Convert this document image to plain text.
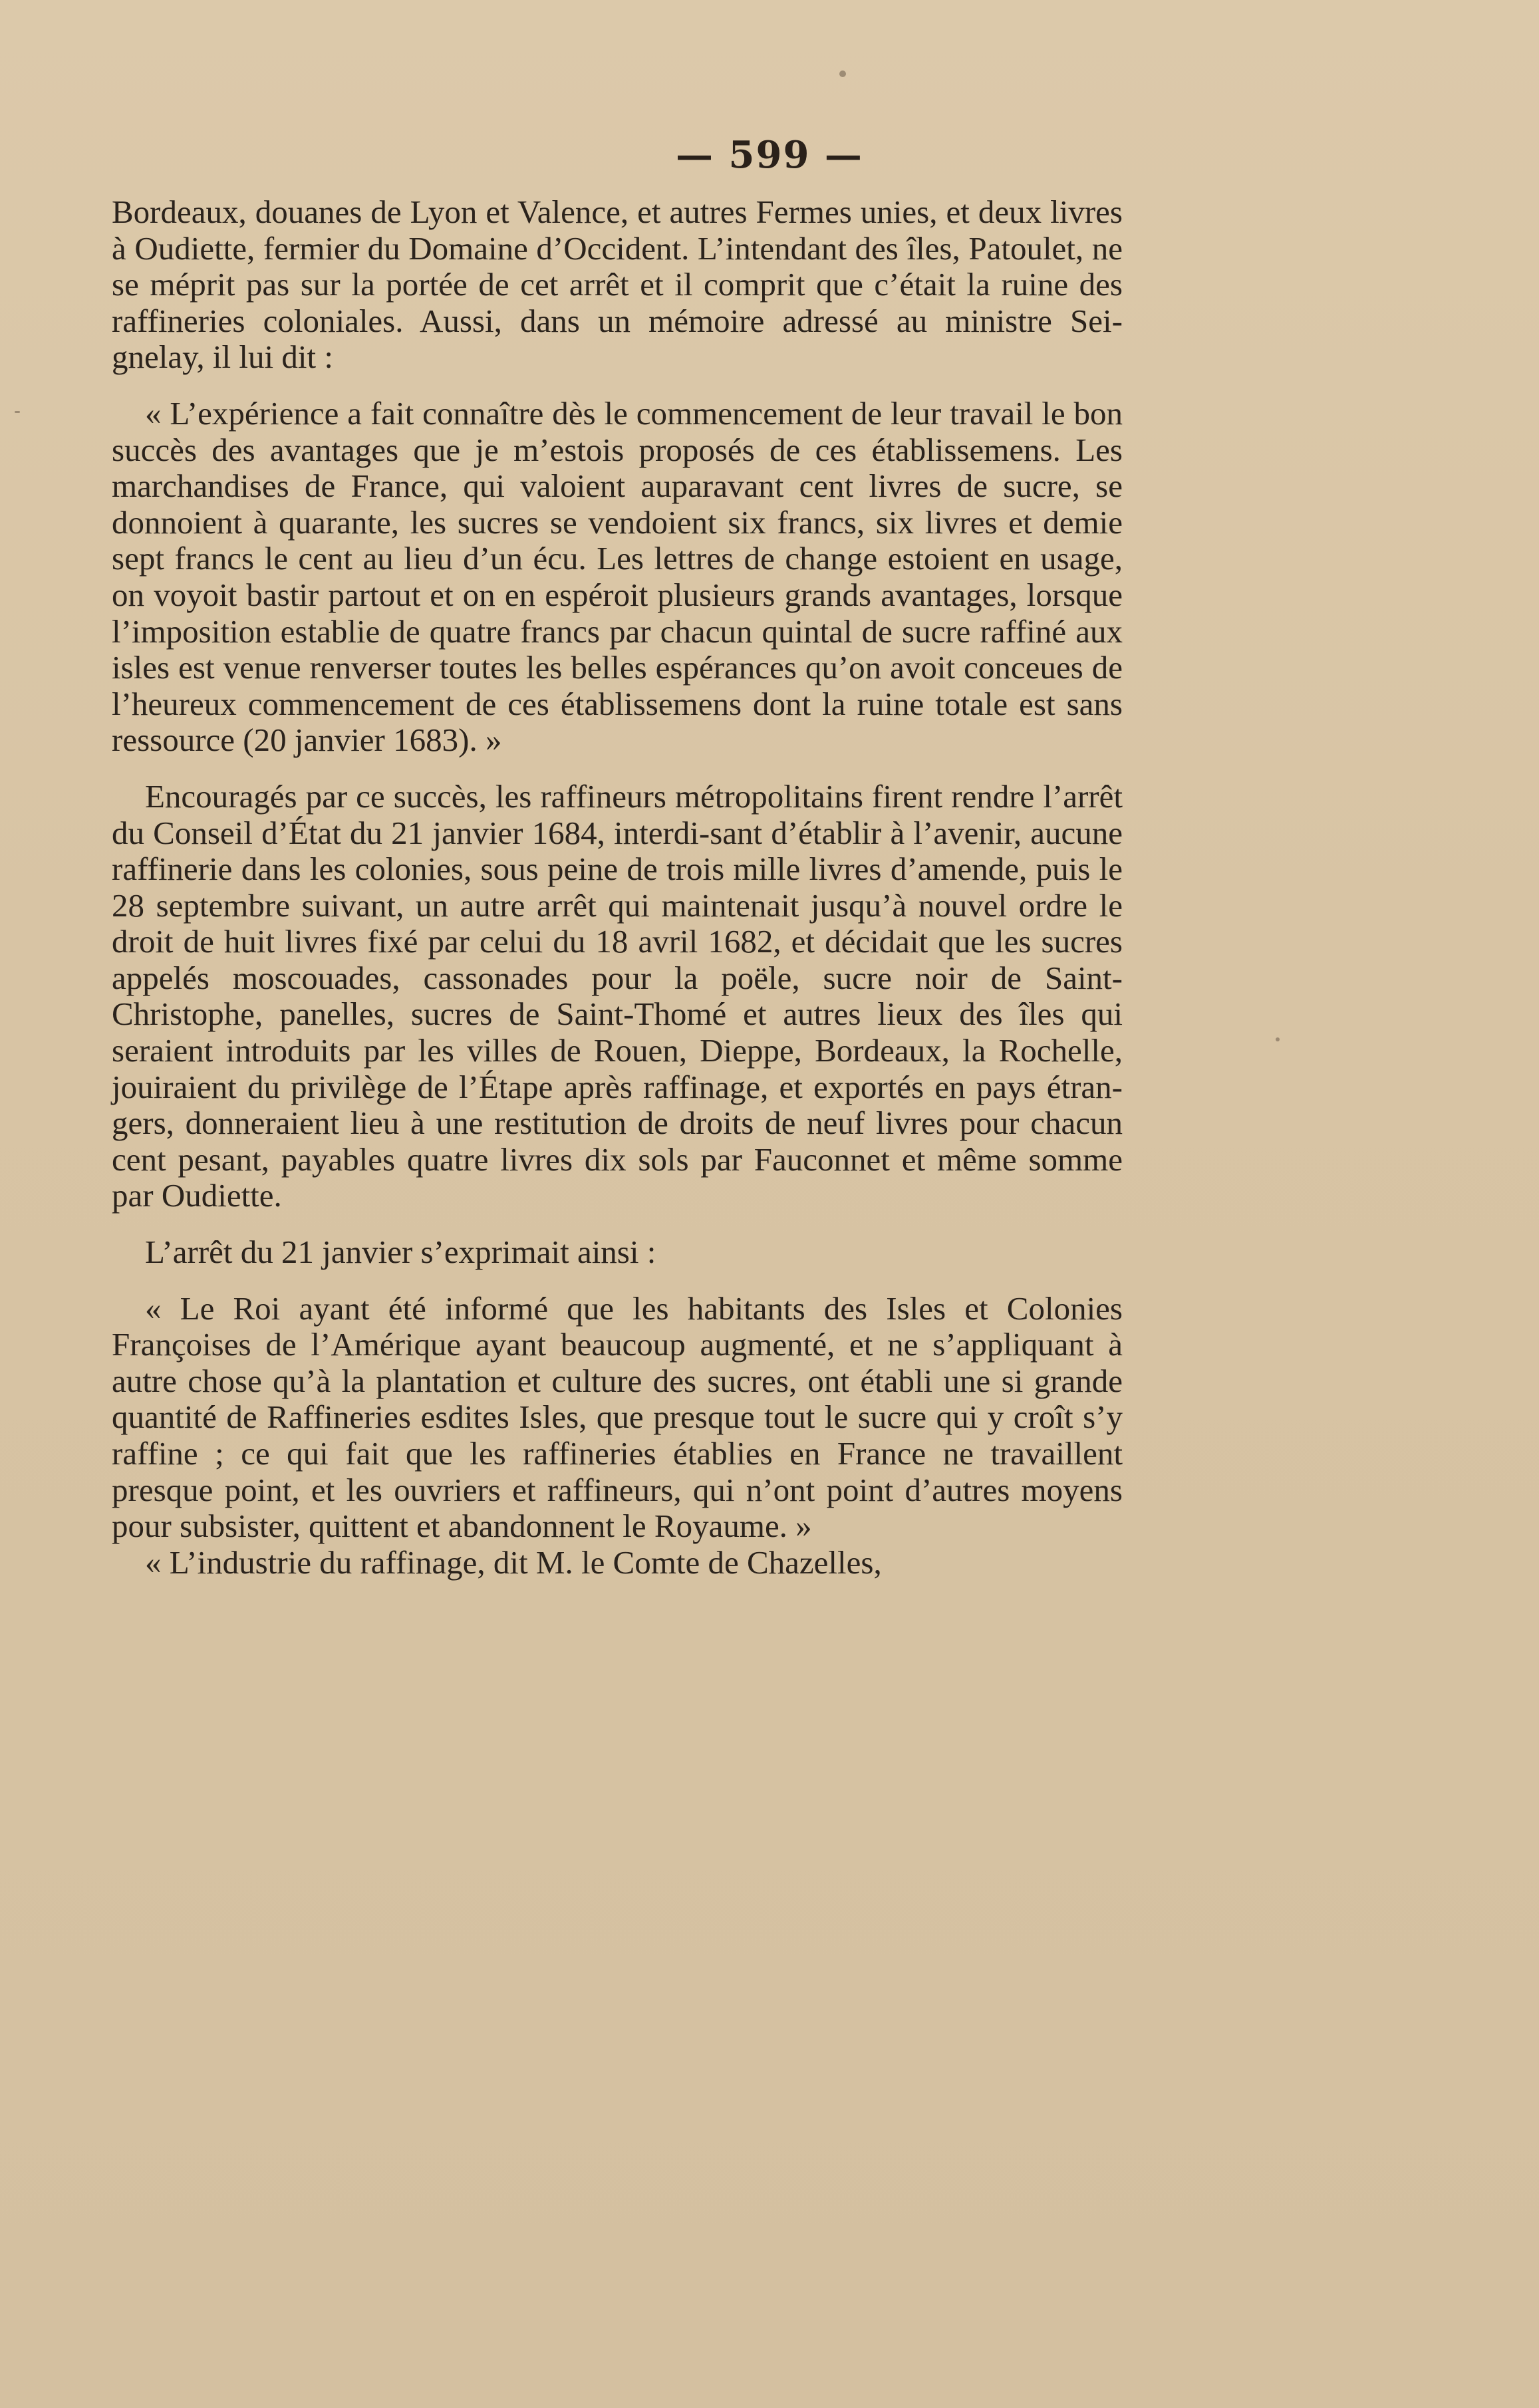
— 599 —

Bordeaux, douanes de Lyon et Valence, et autres Fermes unies, et deux livres à Oudiette, fermier du Domaine d’Occident. L’intendant des îles, Patoulet, ne se méprit pas sur la portée de cet arrêt et il comprit que c’était la ruine des raffineries coloniales. Aussi, dans un mémoire adressé au ministre Sei-gnelay, il lui dit :

« L’expérience a fait connaître dès le commencement de leur travail le bon succès des avantages que je m’estois proposés de ces établissemens. Les marchandises de France, qui valoient auparavant cent livres de sucre, se donnoient à quarante, les sucres se vendoient six francs, six livres et demie sept francs le cent au lieu d’un écu. Les lettres de change estoient en usage, on voyoit bastir partout et on en espéroit plusieurs grands avantages, lorsque l’imposition establie de quatre francs par chacun quintal de sucre raffiné aux isles est venue renverser toutes les belles espérances qu’on avoit conceues de l’heureux commencement de ces établissemens dont la ruine totale est sans ressource (20 janvier 1683). »

Encouragés par ce succès, les raffineurs métropolitains firent rendre l’arrêt du Conseil d’État du 21 janvier 1684, interdi-sant d’établir à l’avenir, aucune raffinerie dans les colonies, sous peine de trois mille livres d’amende, puis le 28 septembre suivant, un autre arrêt qui maintenait jusqu’à nouvel ordre le droit de huit livres fixé par celui du 18 avril 1682, et décidait que les sucres appelés moscouades, cassonades pour la poële, sucre noir de Saint-Christophe, panelles, sucres de Saint-Thomé et autres lieux des îles qui seraient introduits par les villes de Rouen, Dieppe, Bordeaux, la Rochelle, jouiraient du privilège de l’Étape après raffinage, et exportés en pays étran-gers, donneraient lieu à une restitution de droits de neuf livres pour chacun cent pesant, payables quatre livres dix sols par Fauconnet et même somme par Oudiette.

L’arrêt du 21 janvier s’exprimait ainsi :

« Le Roi ayant été informé que les habitants des Isles et Colonies Françoises de l’Amérique ayant beaucoup augmenté, et ne s’appliquant à autre chose qu’à la plantation et culture des sucres, ont établi une si grande quantité de Raffineries esdites Isles, que presque tout le sucre qui y croît s’y raffine ; ce qui fait que les raffineries établies en France ne travaillent presque point, et les ouvriers et raffineurs, qui n’ont point d’autres moyens pour subsister, quittent et abandonnent le Royaume. »

« L’industrie du raffinage, dit M. le Comte de Chazelles,
